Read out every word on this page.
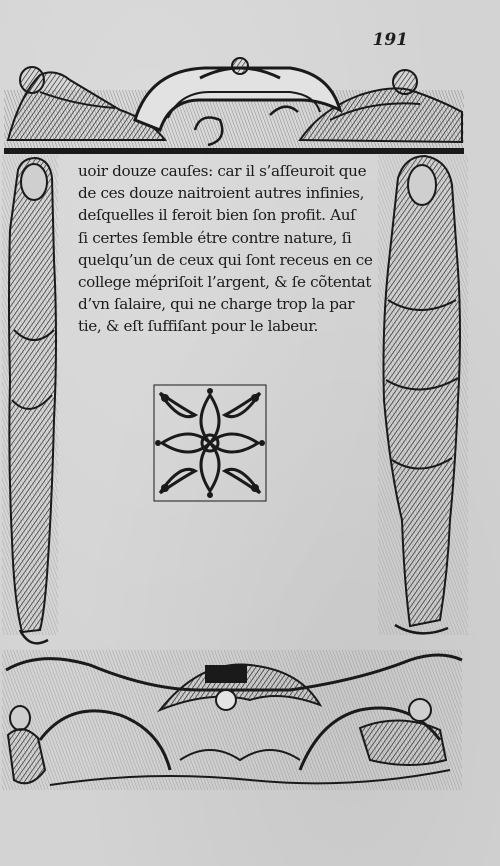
191
uoir douze cauſes: car il s’aſſeuroit que
de ces douze naitroient autres infinies,
deſquelles il feroit bien ſon profit. Auſ
ſi certes ſemble étre contre nature, ſi
quelqu’un de ceux qui ſont receus en ce
college mépriſoit l’argent, & ſe cõtentat
d’vn ſalaire, qui ne charge trop la par
tie, & eſt ſuffiſant pour le labeur.
